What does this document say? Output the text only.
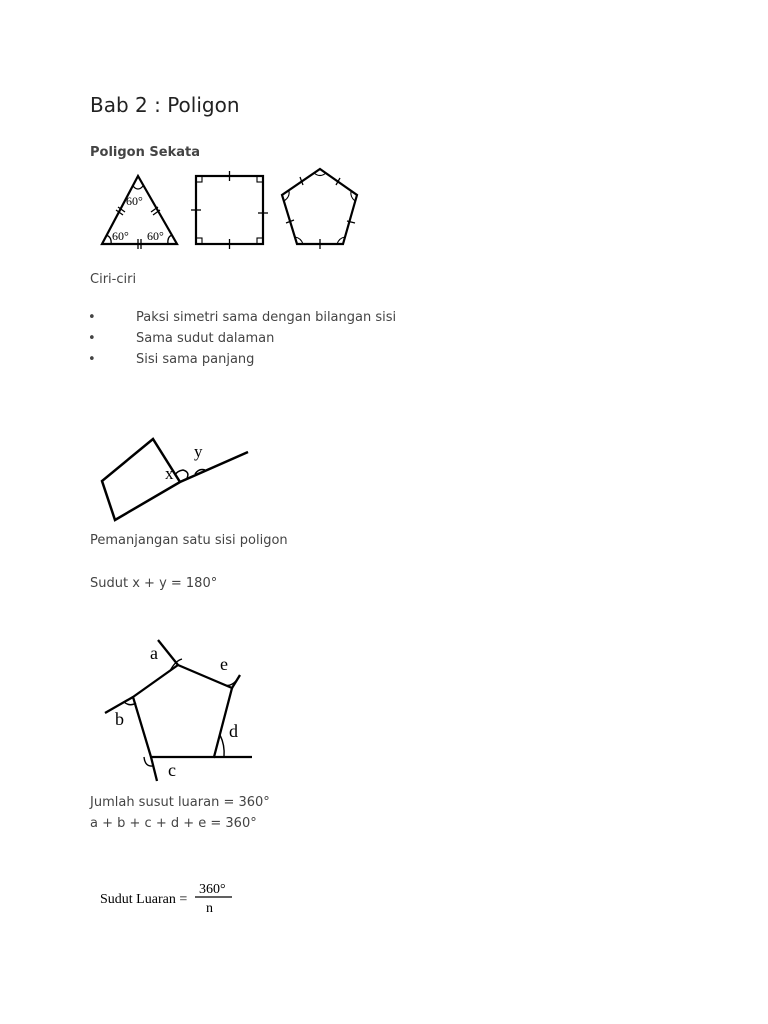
Bab 2 : Poligon
Poligon Sekata
60°
60° 60°
Ciri-ciri
•	Paksi simetri sama dengan bilangan sisi
•	Sama sudut dalaman
•	Sisi sama panjang
x
y
Pemanjangan satu sisi poligon
Sudut x + y = 180°
a
b
c
d
e
Jumlah susut luaran = 360°
a + b + c + d + e = 360°
Sudut Luaran =
360°
n
